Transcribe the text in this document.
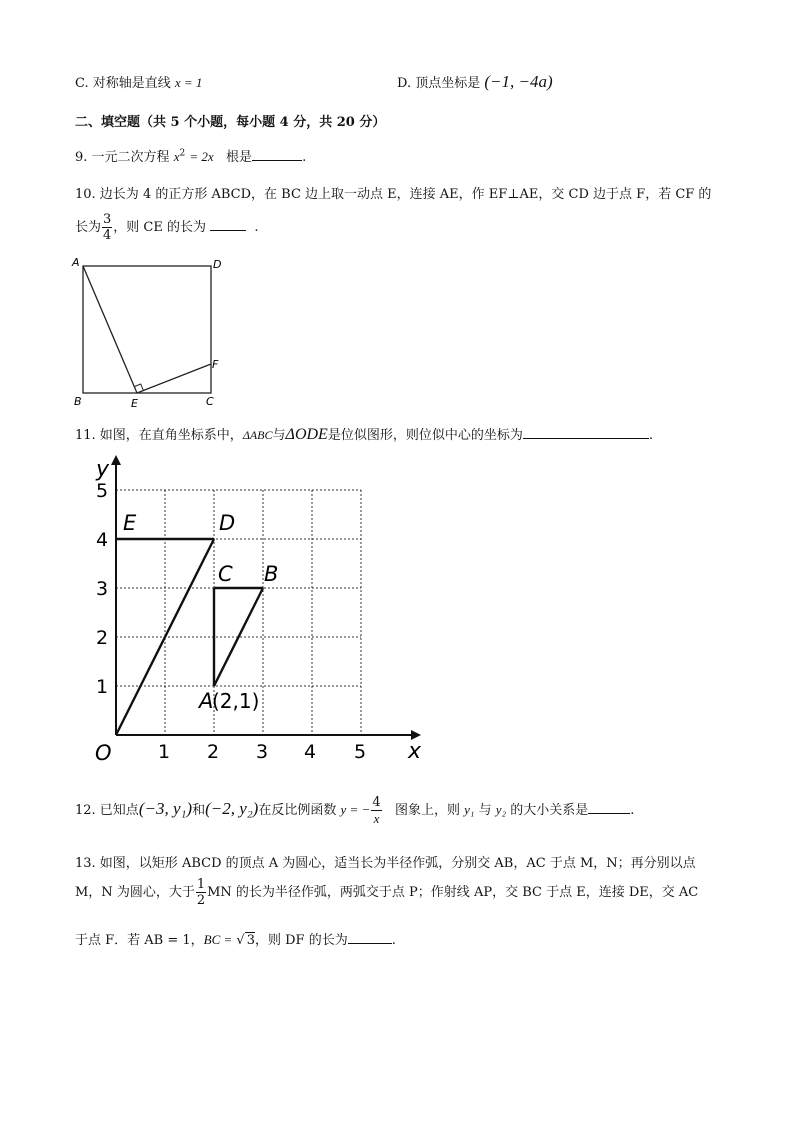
C. 对称轴是直线 x = 1	D. 顶点坐标是 (−1, −4a)
二、填空题（共 5 个小题，每小题 4 分，共 20 分）
9. 一元二次方程 $x^2 = 2x$ 根是	.
10. 边长为 4 的正方形 ABCD，在 BC 边上取一动点 E，连接 AE，作 EF⊥AE，交 CD 边于点 F，若 CF 的
长为 $\frac{3}{4}$ ，则 CE 的长为	.
A	D
B	E	C
F
11. 如图，在直角坐标系中，ΔABC与ΔODE是位似图形，则位似中心的坐标为	.
y
x
O 1 2 3 4 5
1
2
3
4
5
E	D
C B
A
(2,1)
12. 已知点(−3, y₁)和(−2, y₂)在反比例函数 y = − $\frac{4}{x}$ 图象上，则 y₁ 与 y₂ 的大小关系是	.
13. 如图，以矩形 ABCD 的顶点 A 为圆心，适当长为半径作弧，分别交 AB，AC 于点 M，N；再分别以点
M，N 为圆心，大于 $\frac{1}{2}$ MN 的长为半径作弧，两弧交于点 P；作射线 AP，交 BC 于点 E，连接 DE，交 AC
于点 F．若 AB = 1，BC = √ 3，则 DF 的长为	.
